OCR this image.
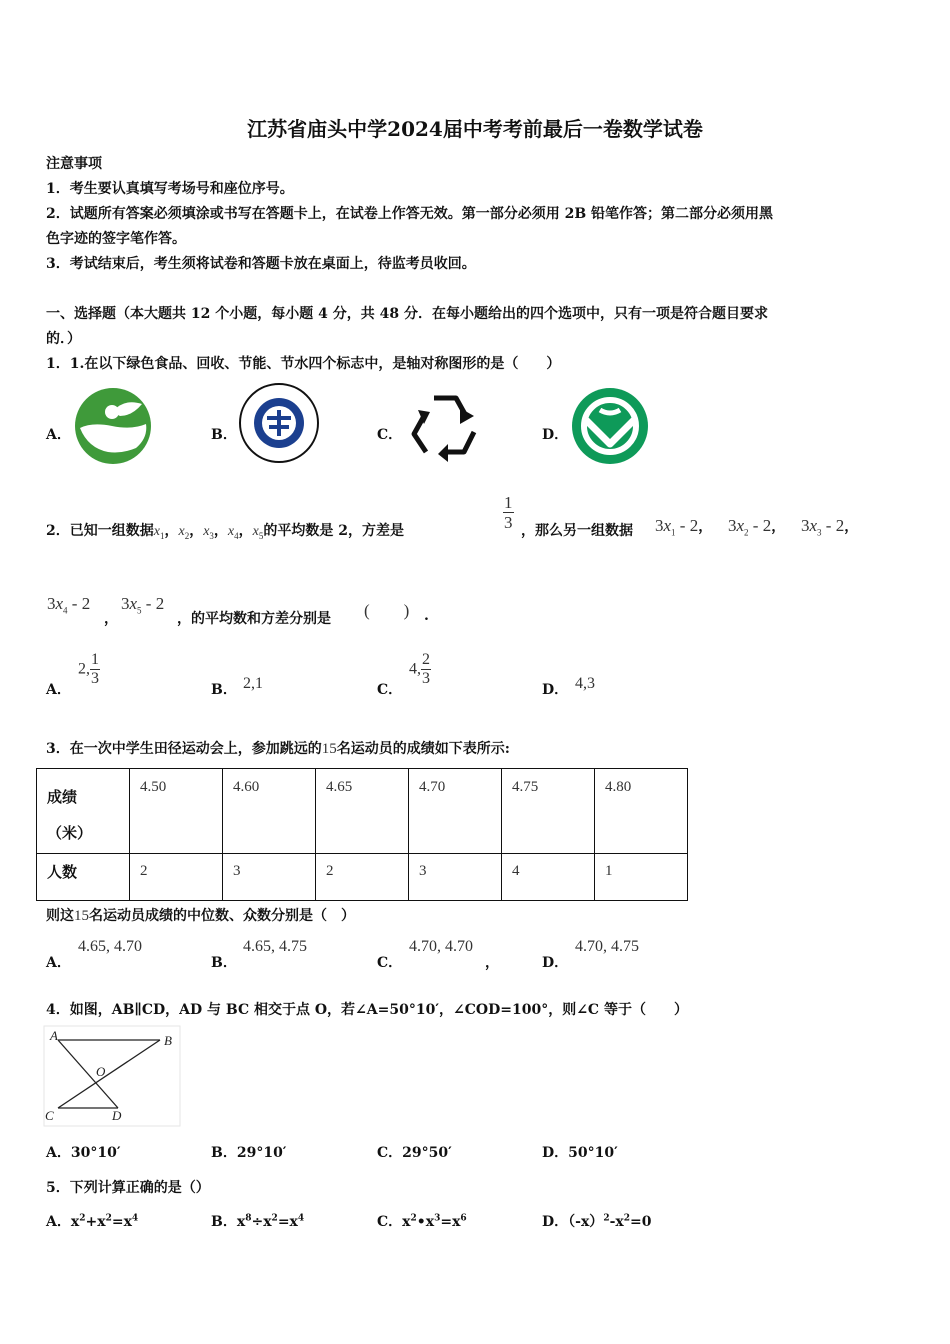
江苏省庙头中学2024届中考考前最后一卷数学试卷
注意事项
1．考生要认真填写考场号和座位序号。
2．试题所有答案必须填涂或书写在答题卡上，在试卷上作答无效。第一部分必须用 2B 铅笔作答；第二部分必须用黑
色字迹的签字笔作答。
3．考试结束后，考生须将试卷和答题卡放在桌面上，待监考员收回。
一、选择题（本大题共 12 个小题，每小题 4 分，共 48 分．在每小题给出的四个选项中，只有一项是符合题目要求
的．）
1．1.在以下绿色食品、回收、节能、节水四个标志中，是轴对称图形的是（　　）
A．	B．	C．	D．
2．已知一组数据$x_1$，$x_2$，$x_3$，$x_4$，$x_5$的平均数是 2，方差是	$\frac{1}{3}$ ，那么另一组数据 $3x_1 - 2$， $3x_2 - 2$， $3x_3 - 2$，
$3x_4 - 2$
，
$3x_5 - 2$
，的平均数和方差分别是 (　　) .
A．
2, $\frac{1}{3}$
B． 2,1	C．
4, $\frac{2}{3}$
D． 4,3
3．在一次中学生田径运动会上，参加跳远的15名运动员的成绩如下表所示:
成绩
（米）	4.50	4.60	4.65	4.70	4.75	4.80
人数	2	3	2	3	4	1
则这15名运动员成绩的中位数、众数分别是（　）
A．
4.65, 4.70
B．
4.65, 4.75
C．
4.70, 4.70
，	D．
4.70, 4.75
4．如图，AB∥CD，AD 与 BC 相交于点 O，若∠A=50°10′，∠COD=100°，则∠C 等于（　　）
A	B
O
C	D
A．30°10′	B．29°10′	C．29°50′	D．50°10′
5．下列计算正确的是（）
A．$x^2+x^2=x^4$	B．$x^8\div x^2=x^4$	C．$x^2•x^3=x^6$	D．$(-x)^2-x^2=0$
